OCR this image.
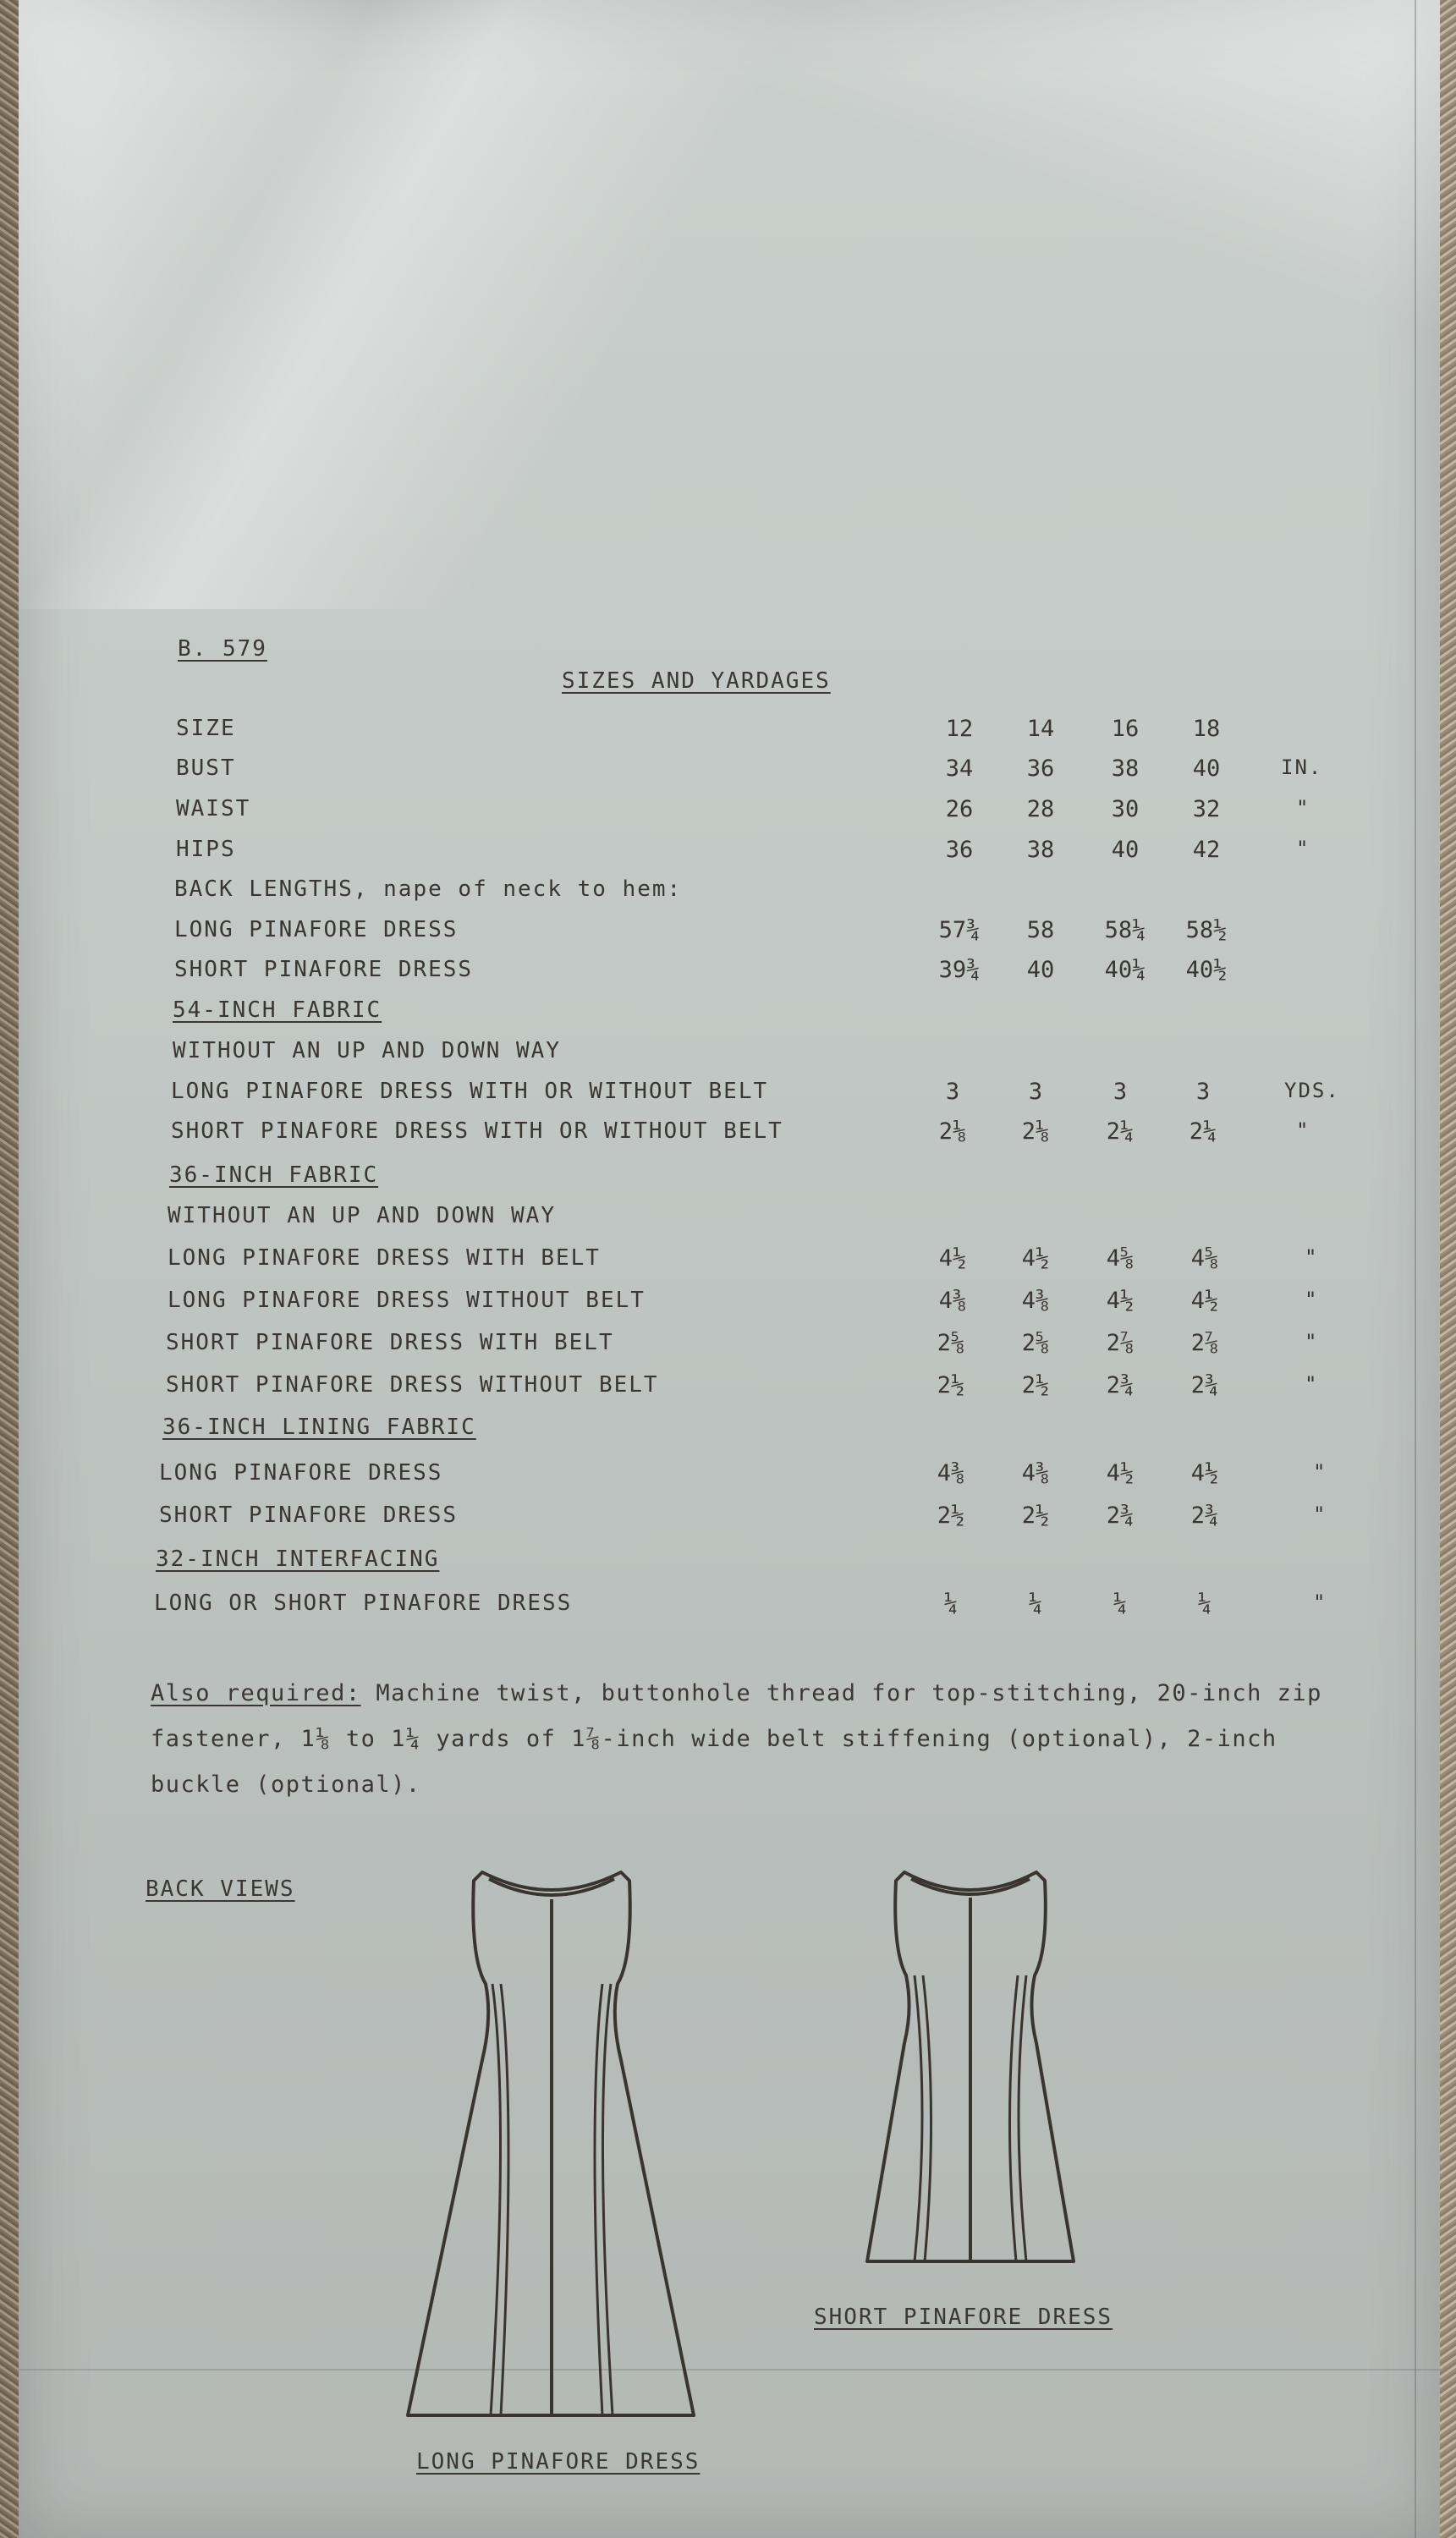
B. 579
SIZES AND YARDAGES
SIZE	12	14	16	18
BUST	34	36	38	40	IN.
WAIST	26	28	30	32	"
HIPS	36	38	40	42	"
BACK LENGTHS, nape of neck to hem:
LONG PINAFORE DRESS	57¾	58	58¼	58½
SHORT PINAFORE DRESS	39¾	40	40¼	40½
54-INCH FABRIC
WITHOUT AN UP AND DOWN WAY
LONG PINAFORE DRESS WITH OR WITHOUT BELT	3	3	3	3	YDS.
SHORT PINAFORE DRESS WITH OR WITHOUT BELT	2⅛	2⅛	2¼	2¼	"
36-INCH FABRIC
WITHOUT AN UP AND DOWN WAY
LONG PINAFORE DRESS WITH BELT	4½	4½	4⅝	4⅝	"
LONG PINAFORE DRESS WITHOUT BELT	4⅜	4⅜	4½	4½	"
SHORT PINAFORE DRESS WITH BELT	2⅝	2⅝	2⅞	2⅞	"
SHORT PINAFORE DRESS WITHOUT BELT	2½	2½	2¾	2¾	"
36-INCH LINING FABRIC
LONG PINAFORE DRESS	4⅜	4⅜	4½	4½	"
SHORT PINAFORE DRESS	2½	2½	2¾	2¾	"
32-INCH INTERFACING
LONG OR SHORT PINAFORE DRESS	¼	¼	¼	¼	"
Also required: Machine twist, buttonhole thread for top-stitching, 20-inch zip fastener, 1⅛ to 1¼ yards of 1⅞-inch wide belt stiffening (optional), 2-inch buckle (optional).
BACK VIEWS
LONG PINAFORE DRESS
SHORT PINAFORE DRESS
